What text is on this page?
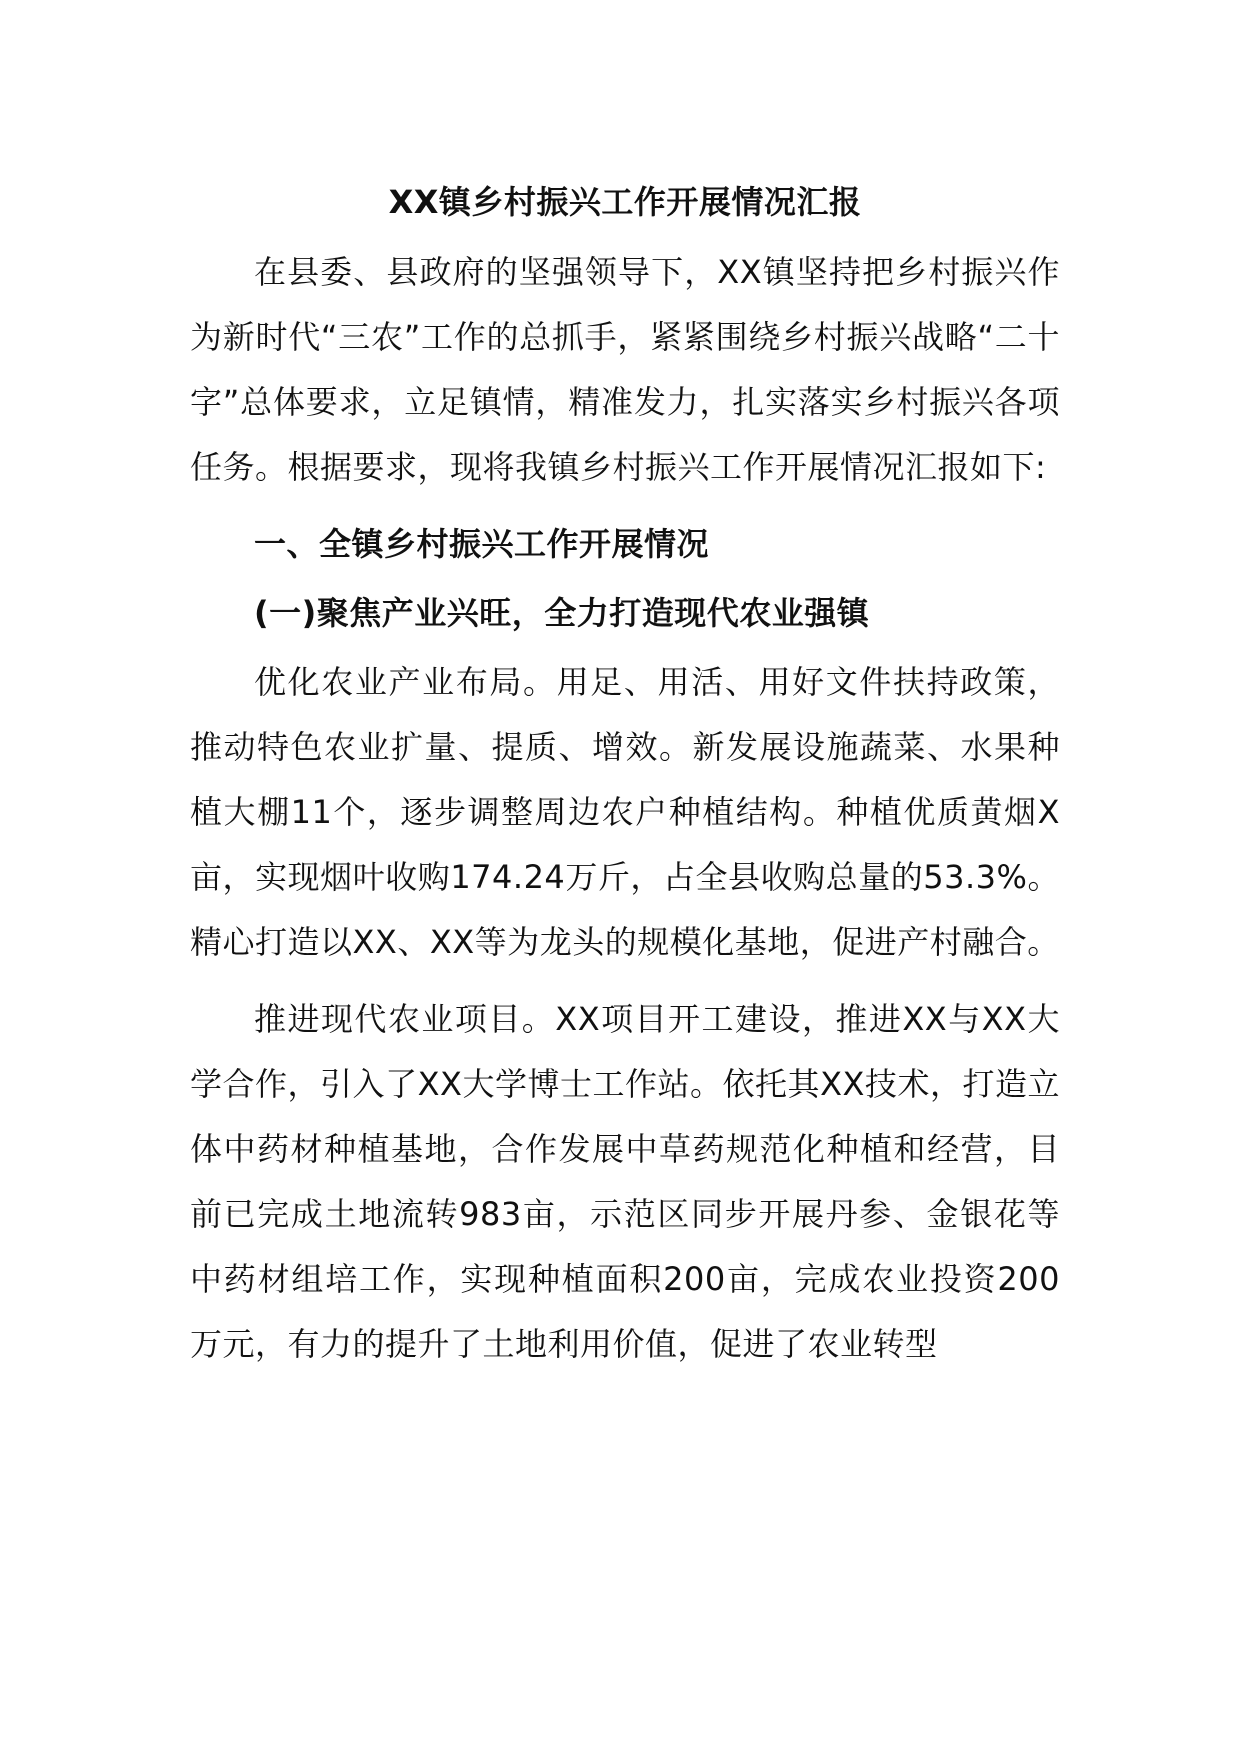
XX镇乡村振兴工作开展情况汇报

在县委、县政府的坚强领导下，XX镇坚持把乡村振兴作为新时代“三农”工作的总抓手，紧紧围绕乡村振兴战略“二十字”总体要求，立足镇情，精准发力，扎实落实乡村振兴各项任务。根据要求，现将我镇乡村振兴工作开展情况汇报如下:

一、全镇乡村振兴工作开展情况
(一)聚焦产业兴旺，全力打造现代农业强镇

优化农业产业布局。用足、用活、用好文件扶持政策，推动特色农业扩量、提质、增效。新发展设施蔬菜、水果种植大棚11个，逐步调整周边农户种植结构。种植优质黄烟X亩，实现烟叶收购174.24万斤，占全县收购总量的53.3%。精心打造以XX、XX等为龙头的规模化基地，促进产村融合。

推进现代农业项目。XX项目开工建设，推进XX与XX大学合作，引入了XX大学博士工作站。依托其XX技术，打造立体中药材种植基地，合作发展中草药规范化种植和经营，目前已完成土地流转983亩，示范区同步开展丹参、金银花等中药材组培工作，实现种植面积200亩，完成农业投资200万元，有力的提升了土地利用价值，促进了农业转型
